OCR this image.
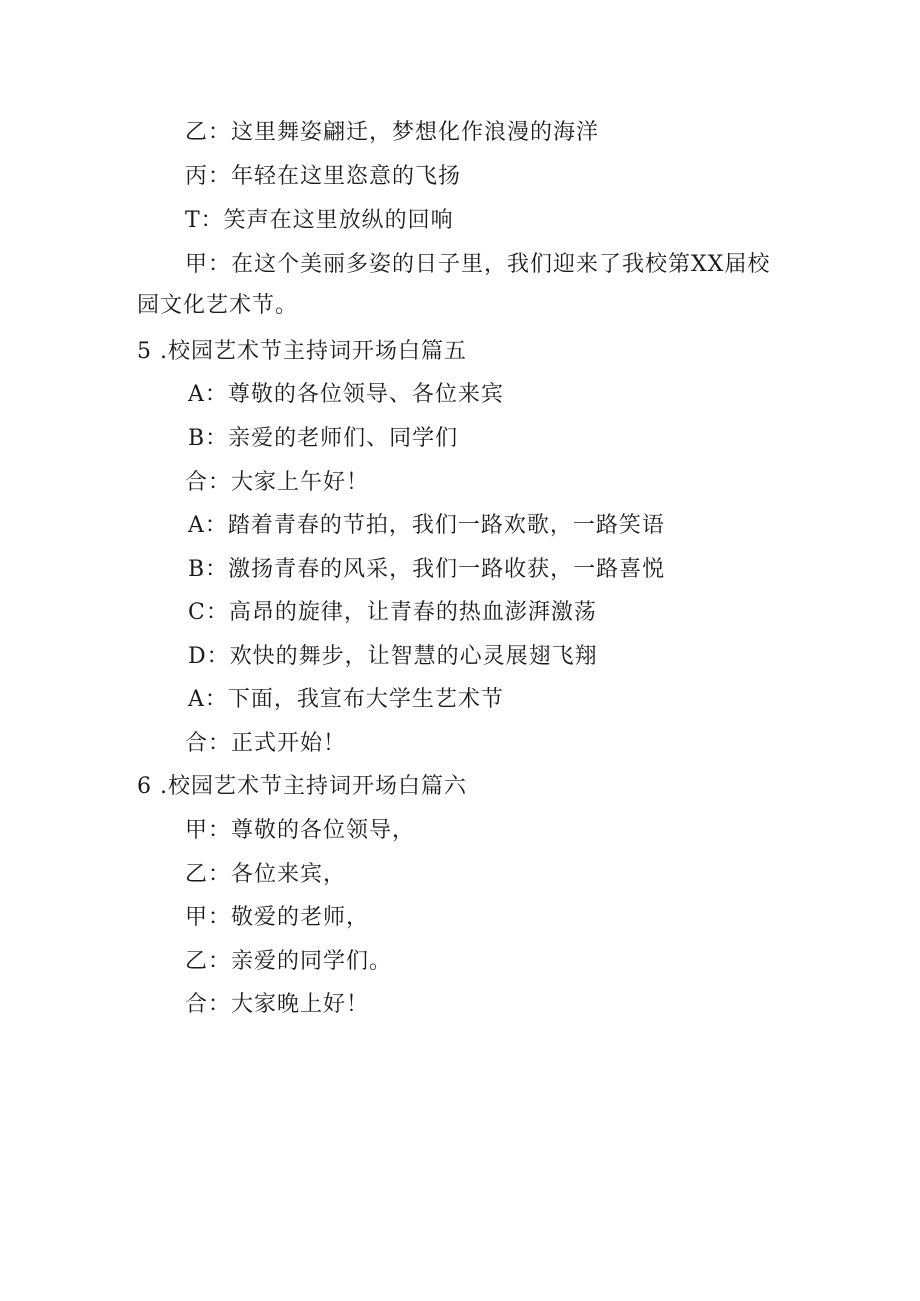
乙：这里舞姿翩迁，梦想化作浪漫的海洋
丙：年轻在这里恣意的飞扬
T：笑声在这里放纵的回响
甲：在这个美丽多姿的日子里，我们迎来了我校第XX届校
园文化艺术节。
5 .校园艺术节主持词开场白篇五
A：尊敬的各位领导、各位来宾
B：亲爱的老师们、同学们
合：大家上午好！
A：踏着青春的节拍，我们一路欢歌，一路笑语
B：激扬青春的风采，我们一路收获，一路喜悦
C：高昂的旋律，让青春的热血澎湃激荡
D：欢快的舞步，让智慧的心灵展翅飞翔
A：下面，我宣布大学生艺术节
合：正式开始！
6 .校园艺术节主持词开场白篇六
甲：尊敬的各位领导，
乙：各位来宾，
甲：敬爱的老师，
乙：亲爱的同学们。
合：大家晚上好！
